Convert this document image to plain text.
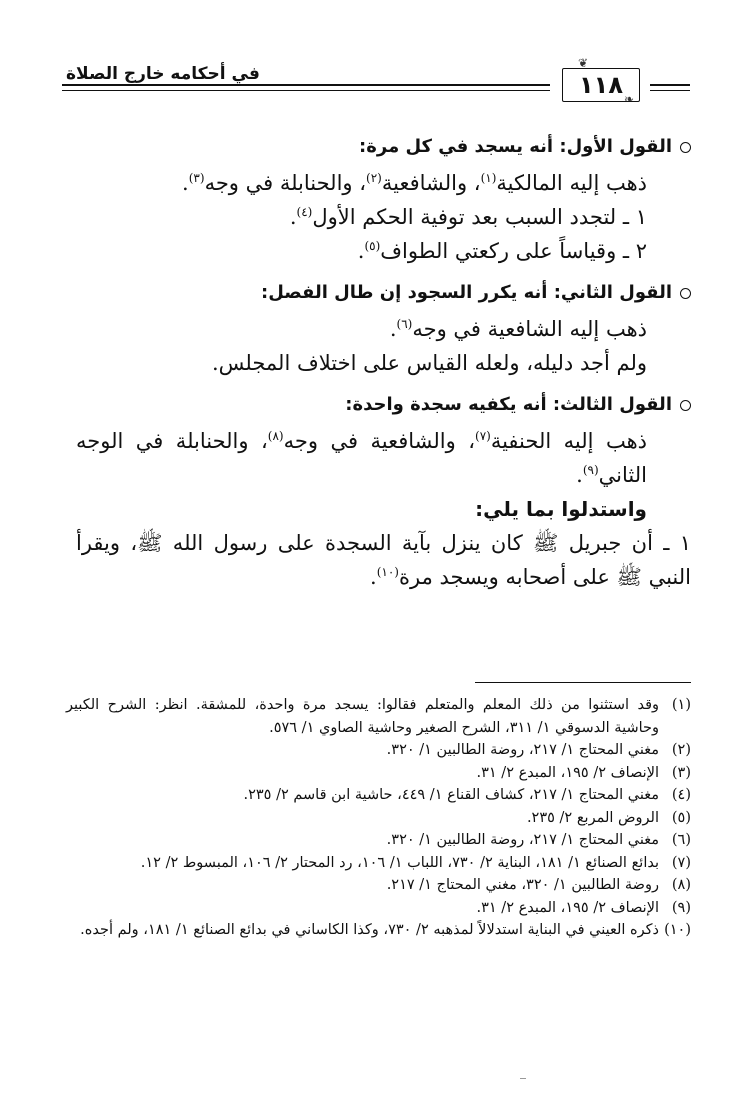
١١٨
❦
❧
في أحكامه خارج الصلاة
القول الأول: أنه يسجد في كل مرة:

ذهب إليه المالكية$^{(١)}$، والشافعية$^{(٢)}$، والحنابلة في وجه$^{(٣)}$.

١ ـ لتجدد السبب بعد توفية الحكم الأول$^{(٤)}$.

٢ ـ وقياساً على ركعتي الطواف$^{(٥)}$.

القول الثاني: أنه يكرر السجود إن طال الفصل:

ذهب إليه الشافعية في وجه$^{(٦)}$.

ولم أجد دليله، ولعله القياس على اختلاف المجلس.

القول الثالث: أنه يكفيه سجدة واحدة:

ذهب إليه الحنفية$^{(٧)}$، والشافعية في وجه$^{(٨)}$، والحنابلة في الوجه الثاني$^{(٩)}$.

واستدلوا بما يلي:

١ ـ أن جبريل ﷺ كان ينزل بآية السجدة على رسول الله ﷺ، ويقرأ النبي ﷺ على أصحابه ويسجد مرة$^{(١٠)}$.

(١)
وقد استثنوا من ذلك المعلم والمتعلم فقالوا: يسجد مرة واحدة، للمشقة. انظر: الشرح الكبير وحاشية الدسوقي ١/ ٣١١، الشرح الصغير وحاشية الصاوي ١/ ٥٧٦.
(٢)
مغني المحتاج ١/ ٢١٧، روضة الطالبين ١/ ٣٢٠.
(٣)
الإنصاف ٢/ ١٩٥، المبدع ٢/ ٣١.
(٤)
مغني المحتاج ١/ ٢١٧، كشاف القناع ١/ ٤٤٩، حاشية ابن قاسم ٢/ ٢٣٥.
(٥)
الروض المربع ٢/ ٢٣٥.
(٦)
مغني المحتاج ١/ ٢١٧، روضة الطالبين ١/ ٣٢٠.
(٧)
بدائع الصنائع ١/ ١٨١، البناية ٢/ ٧٣٠، اللباب ١/ ١٠٦، رد المحتار ٢/ ١٠٦، المبسوط ٢/ ١٢.
(٨)
روضة الطالبين ١/ ٣٢٠، مغني المحتاج ١/ ٢١٧.
(٩)
الإنصاف ٢/ ١٩٥، المبدع ٢/ ٣١.
(١٠)
ذكره العيني في البناية استدلالاً لمذهبه ٢/ ٧٣٠، وكذا الكاساني في بدائع الصنائع ١/ ١٨١، ولم أجده.
